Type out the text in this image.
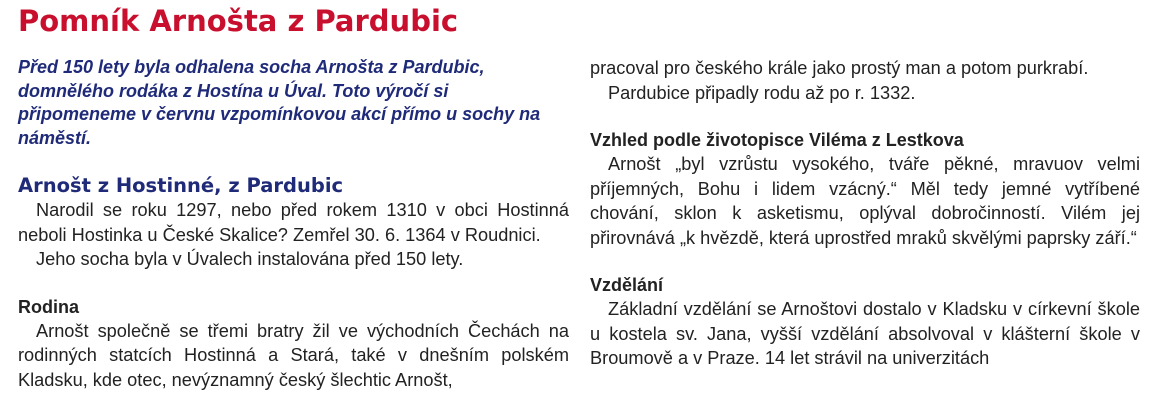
Pomník Arnošta z Pardubic

Před 150 lety byla odhalena socha Arnošta z Pardubic, domnělého rodáka z Hostína u Úval. Toto výročí si připomeneme v červnu vzpomínkovou akcí přímo u sochy na náměstí.

Arnošt z Hostinné, z Pardubic

Narodil se roku 1297, nebo před rokem 1310 v obci Hostinná neboli Hostinka u České Skalice? Zemřel 30. 6. 1364 v Roudnici.

Jeho socha byla v Úvalech instalována před 150 lety.

Rodina

Arnošt společně se třemi bratry žil ve východních Čechách na rodinných statcích Hostinná a Stará, také v dnešním polském Kladsku, kde otec, nevýznamný český šlechtic Arnošt,

pracoval pro českého krále jako prostý man a potom purkrabí.

Pardubice připadly rodu až po r. 1332.

Vzhled podle životopisce Viléma z Lestkova

Arnošt „byl vzrůstu vysokého, tváře pěkné, mravuov velmi příjemných, Bohu i lidem vzácný.“ Měl tedy jemné vytříbené chování, sklon k asketismu, oplýval dobročinností. Vilém jej přirovnává „k hvězdě, která uprostřed mraků skvělými paprsky září.“

Vzdělání

Základní vzdělání se Arnoštovi dostalo v Kladsku v církevní škole u kostela sv. Jana, vyšší vzdělání absolvoval v klášterní škole v Broumově a v Praze. 14 let strávil na univerzitách
